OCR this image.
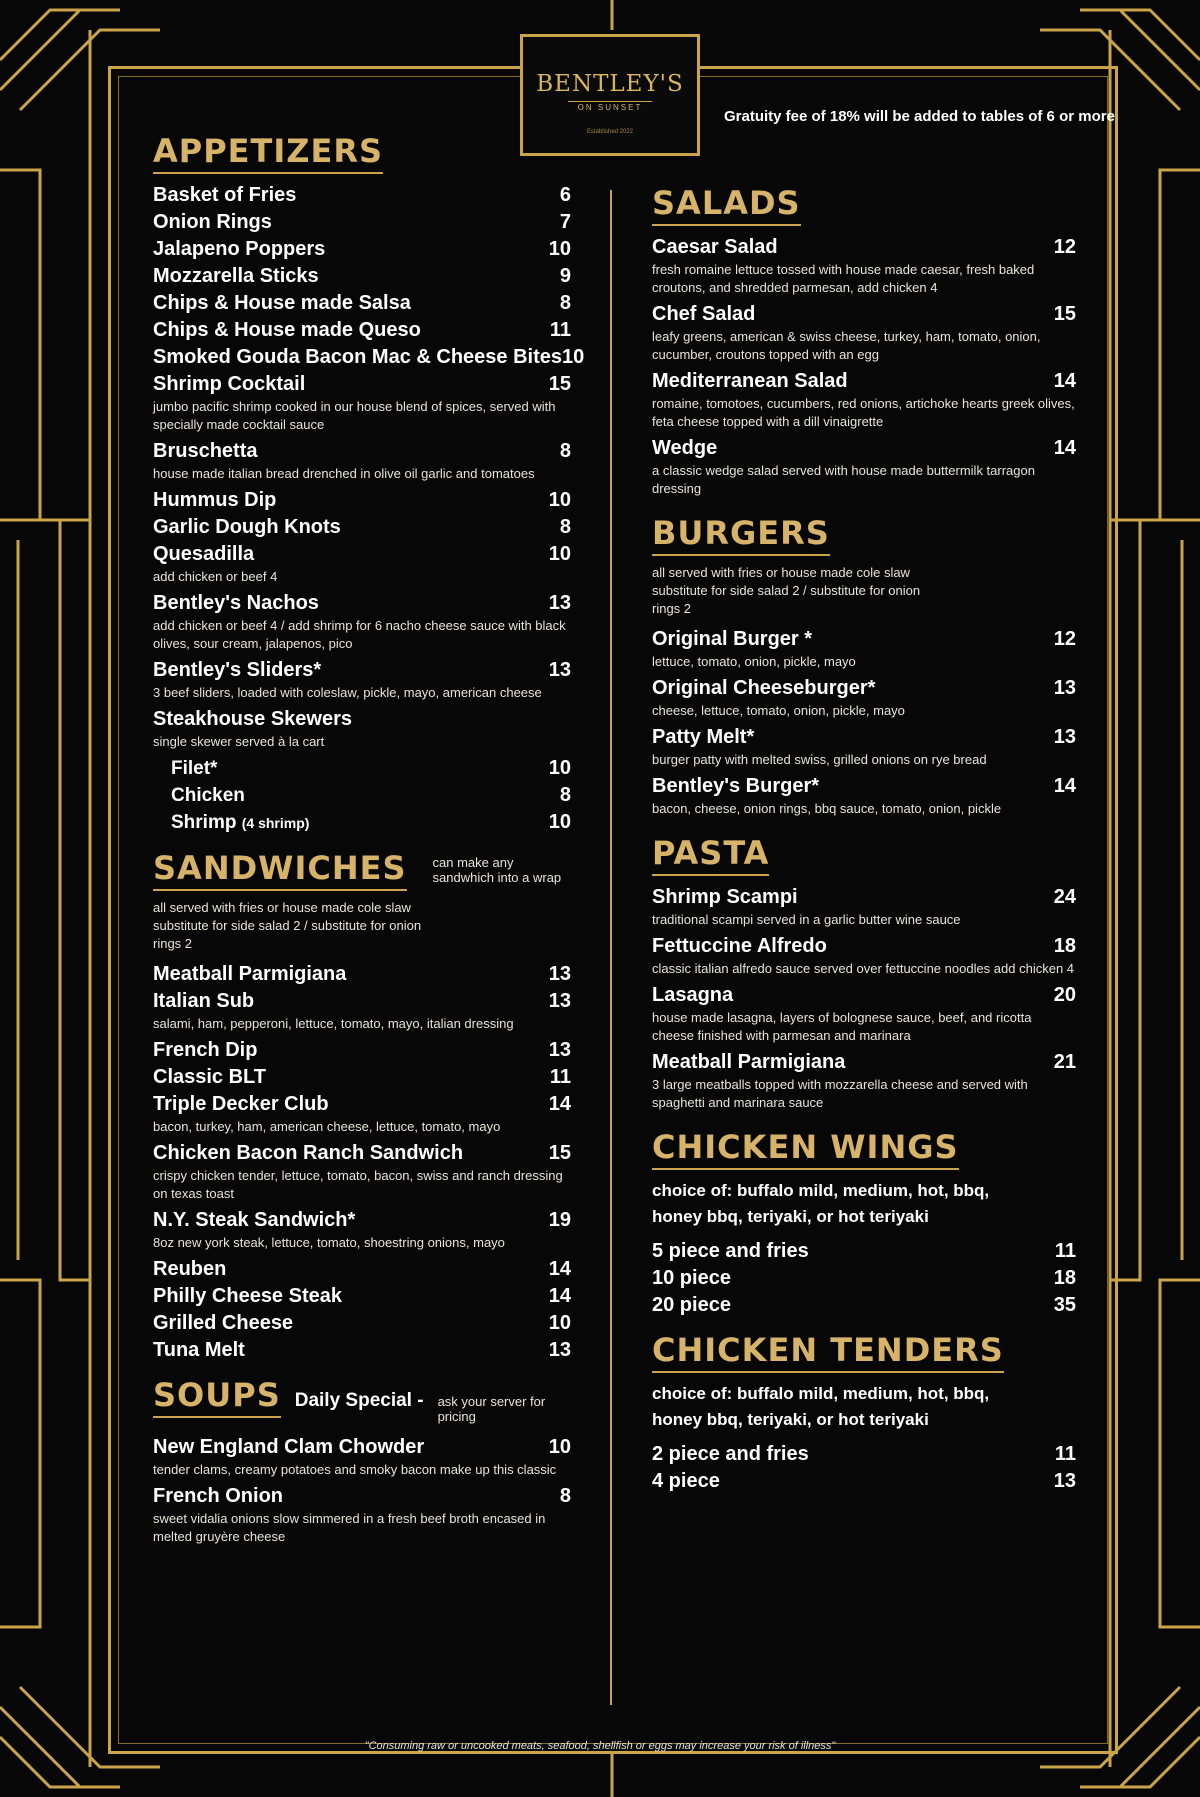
BENTLEY'S
ON SUNSET
Established 2022
Gratuity fee of 18% will be added to tables of 6 or more
APPETIZERS
Basket of Fries	6
Onion Rings	7
Jalapeno Poppers	10
Mozzarella Sticks	9
Chips & House made Salsa	8
Chips & House made Queso	11
Smoked Gouda Bacon Mac & Cheese Bites 10
Shrimp Cocktail	15
jumbo pacific shrimp cooked in our house blend of spices, served with specially made cocktail sauce
Bruschetta	8
house made italian bread drenched in olive oil garlic and tomatoes
Hummus Dip	10
Garlic Dough Knots	8
Quesadilla	10
add chicken or beef 4
Bentley's Nachos	13
add chicken or beef 4 / add shrimp for 6 nacho cheese sauce with black olives, sour cream, jalapenos, pico
Bentley's Sliders*	13
3 beef sliders, loaded with coleslaw, pickle, mayo, american cheese
Steakhouse Skewers
single skewer served à la cart
Filet*	10
Chicken	8
Shrimp (4 shrimp)	10
SANDWICHES can make any sandwhich into a wrap
all served with fries or house made cole slaw substitute for side salad 2 / substitute for onion rings 2
Meatball Parmigiana	13
Italian Sub	13
salami, ham, pepperoni, lettuce, tomato, mayo, italian dressing
French Dip	13
Classic BLT	11
Triple Decker Club	14
bacon, turkey, ham, american cheese, lettuce, tomato, mayo
Chicken Bacon Ranch Sandwich	15
crispy chicken tender, lettuce, tomato, bacon, swiss and ranch dressing on texas toast
N.Y. Steak Sandwich*	19
8oz new york steak, lettuce, tomato, shoestring onions, mayo
Reuben	14
Philly Cheese Steak	14
Grilled Cheese	10
Tuna Melt	13
SOUPS Daily Special - ask your server for pricing
New England Clam Chowder	10
tender clams, creamy potatoes and smoky bacon make up this classic
French Onion	8
sweet vidalia onions slow simmered in a fresh beef broth encased in melted gruyère cheese
SALADS
Caesar Salad	12
fresh romaine lettuce tossed with house made caesar, fresh baked croutons, and shredded parmesan, add chicken 4
Chef Salad	15
leafy greens, american & swiss cheese, turkey, ham, tomato, onion, cucumber, croutons topped with an egg
Mediterranean Salad	14
romaine, tomotoes, cucumbers, red onions, artichoke hearts greek olives, feta cheese topped with a dill vinaigrette
Wedge	14
a classic wedge salad served with house made buttermilk tarragon dressing
BURGERS
all served with fries or house made cole slaw substitute for side salad 2 / substitute for onion rings 2
Original Burger *	12
lettuce, tomato, onion, pickle, mayo
Original Cheeseburger*	13
cheese, lettuce, tomato, onion, pickle, mayo
Patty Melt*	13
burger patty with melted swiss, grilled onions on rye bread
Bentley's Burger*	14
bacon, cheese, onion rings, bbq sauce, tomato, onion, pickle
PASTA
Shrimp Scampi	24
traditional scampi served in a garlic butter wine sauce
Fettuccine Alfredo	18
classic italian alfredo sauce served over fettuccine noodles add chicken 4
Lasagna	20
house made lasagna, layers of bolognese sauce, beef, and ricotta cheese finished with parmesan and marinara
Meatball Parmigiana	21
3 large meatballs topped with mozzarella cheese and served with spaghetti and marinara sauce
CHICKEN WINGS
choice of: buffalo mild, medium, hot, bbq, honey bbq, teriyaki, or hot teriyaki
5 piece and fries	11
10 piece	18
20 piece	35
CHICKEN TENDERS
choice of: buffalo mild, medium, hot, bbq, honey bbq, teriyaki, or hot teriyaki
2 piece and fries	11
4 piece	13
"Consuming raw or uncooked meats, seafood, shellfish or eggs may increase your risk of illness"
